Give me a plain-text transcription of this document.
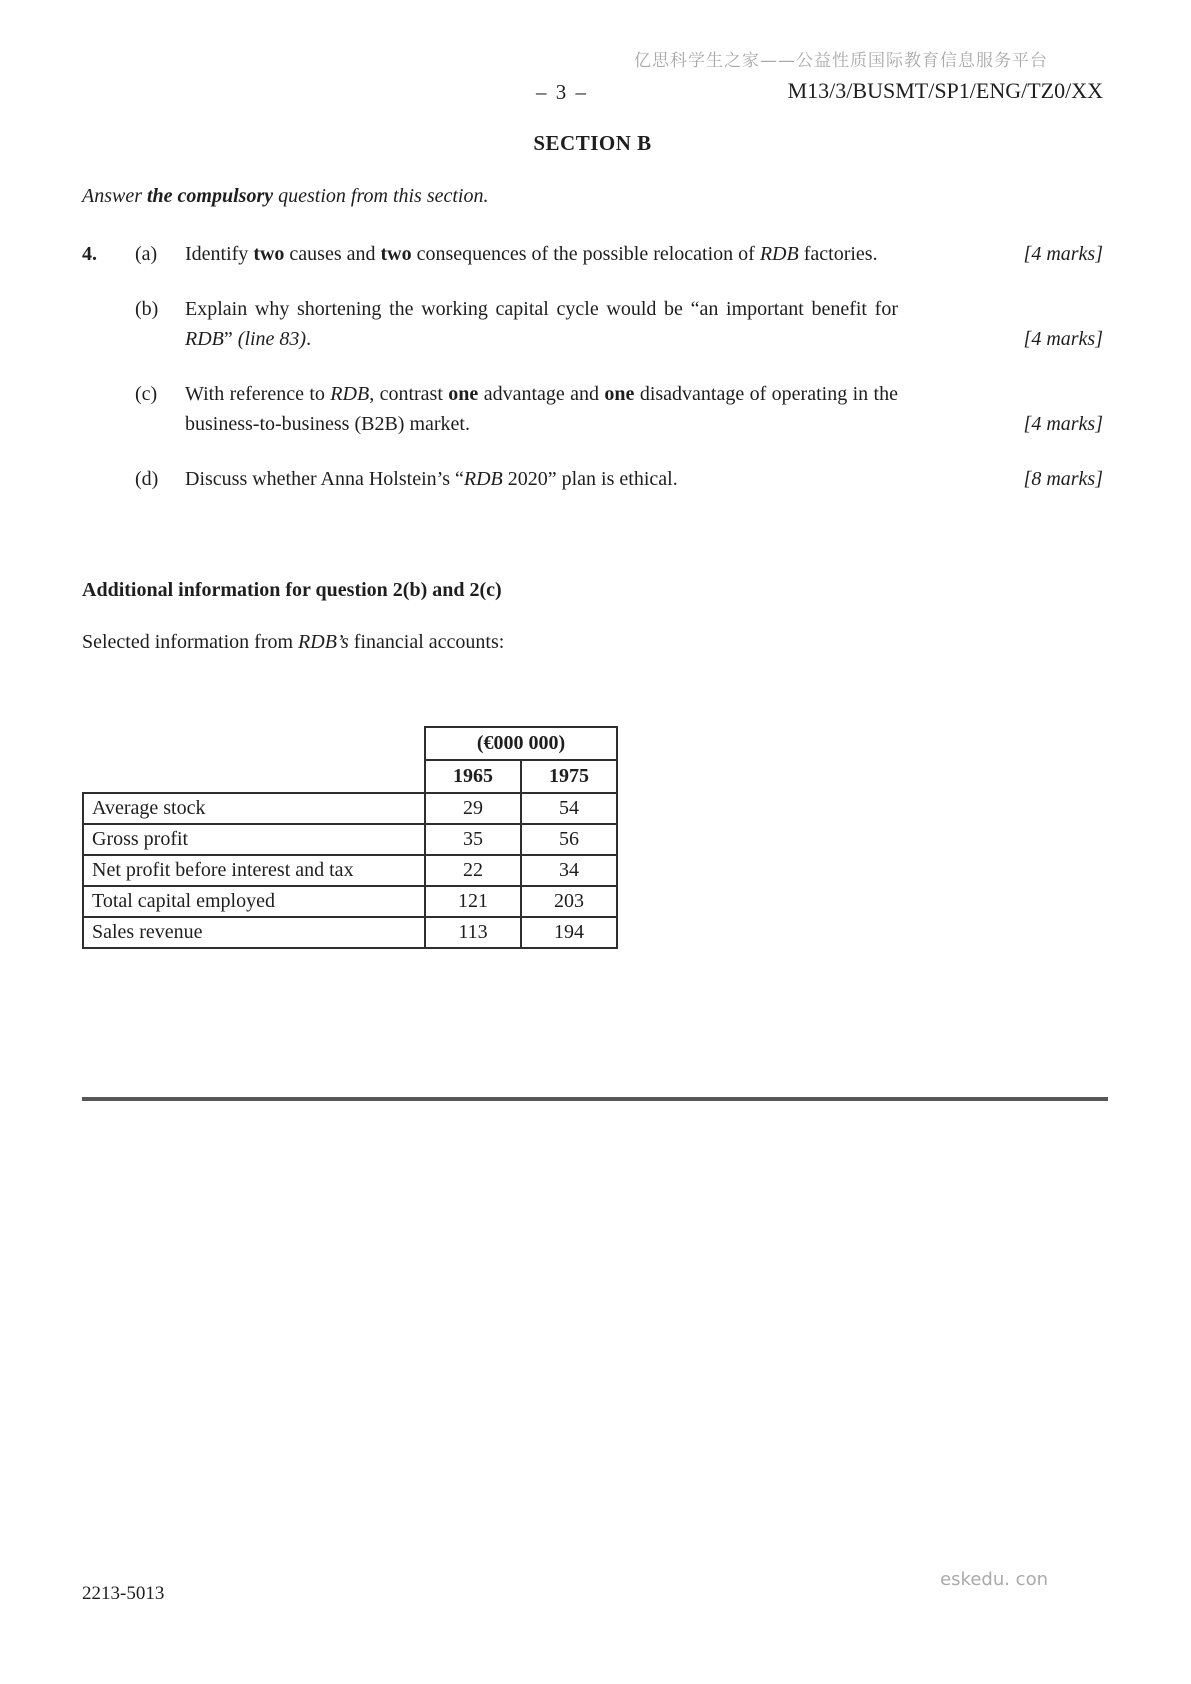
亿思科学生之家——公益性质国际教育信息服务平台
– 3 –	M13/3/BUSMT/SP1/ENG/TZ0/XX
SECTION B

Answer the compulsory question from this section.

4.	(a)	Identify two causes and two consequences of the possible relocation of RDB factories.	[4 marks]
(b)	Explain why shortening the working capital cycle would be “an important benefit for RDB” (line 83).	[4 marks]
(c)	With reference to RDB, contrast one advantage and one disadvantage of operating in the business-to-business (B2B) market.	[4 marks]
(d)	Discuss whether Anna Holstein’s “RDB 2020” plan is ethical.	[8 marks]
Additional information for question 2(b) and 2(c)

Selected information from RDB’s financial accounts:

	(€000 000)	
	1965	1975
Average stock	29	54
Gross profit	35	56
Net profit before interest and tax	22	34
Total capital employed	121	203
Sales revenue	113	194
2213-5013
eskedu. con
